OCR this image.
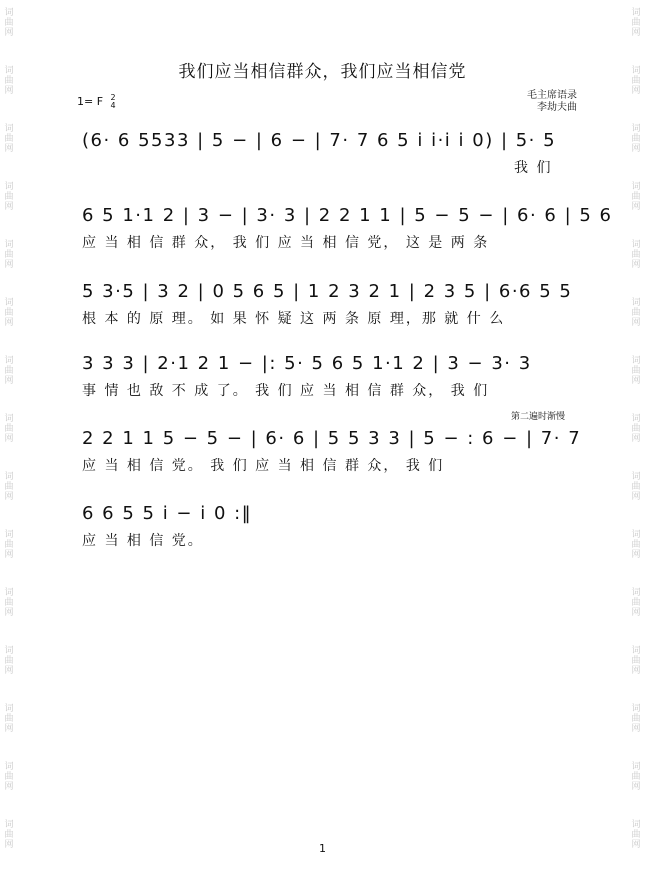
词
曲
网
词
曲
网
词
曲
网
词
曲
网
词
曲
网
词
曲
网
词
曲
网
词
曲
网
词
曲
网
词
曲
网
词
曲
网
词
曲
网
词
曲
网
词
曲
网
词
曲
网
词
曲
网
词
曲
网
词
曲
网
词
曲
网
词
曲
网
词
曲
网
词
曲
网
词
曲
网
词
曲
网
词
曲
网
词
曲
网
词
曲
网
词
曲
网
词
曲
网
词
曲
网
我们应当相信群众，我们应当相信党
1= F 2
4
毛主席语录
李劫夫曲
(6· 6 5533 | 5 − | 6 − | 7· 7 6 5 i i·i i 0) | 5· 5
我 们
6 5 1·1 2 | 3 − | 3· 3 | 2 2 1 1 | 5 − 5 − | 6· 6 | 5 6
应 当 相 信 群 众， 我 们 应 当 相 信 党， 这 是 两 条
5 3·5 | 3 2 | 0 5 6 5 | 1 2 3 2 1 | 2 3 5 | 6·6 5 5
根 本 的 原 理。 如 果 怀 疑 这 两 条 原 理，那 就 什 么
3 3 3 | 2·1 2 1 − |: 5· 5 6 5 1·1 2 | 3 − 3· 3
事 情 也 敌 不 成 了。 我 们 应 当 相 信 群 众， 我 们
第二遍时渐慢
2 2 1 1 5 − 5 − | 6· 6 | 5 5 3 3 | 5 − : 6 − | 7· 7
应 当 相 信 党。 我 们 应 当 相 信 群 众， 我 们
6 6 5 5 i − i 0 :‖
应 当 相 信 党。
1
